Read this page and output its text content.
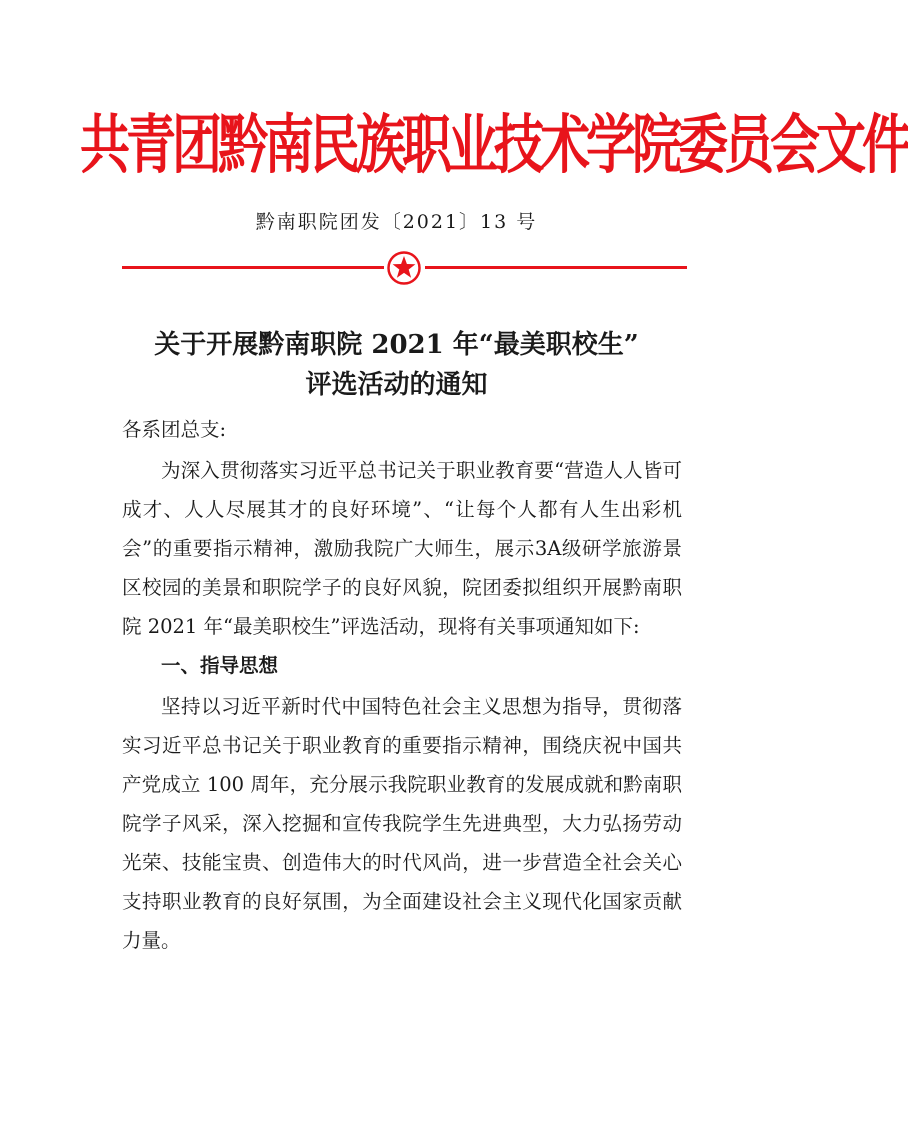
共青团黔南民族职业技术学院委员会文件
黔南职院团发〔2021〕13 号
关于开展黔南职院 2021 年“最美职校生”
评选活动的通知

各系团总支:

为深入贯彻落实习近平总书记关于职业教育要“营造人人皆可成才、人人尽展其才的良好环境”、“让每个人都有人生出彩机会”的重要指示精神，激励我院广大师生，展示3A级研学旅游景区校园的美景和职院学子的良好风貌，院团委拟组织开展黔南职院 2021 年“最美职校生”评选活动，现将有关事项通知如下:

一、指导思想

坚持以习近平新时代中国特色社会主义思想为指导，贯彻落实习近平总书记关于职业教育的重要指示精神，围绕庆祝中国共产党成立 100 周年，充分展示我院职业教育的发展成就和黔南职院学子风采，深入挖掘和宣传我院学生先进典型，大力弘扬劳动光荣、技能宝贵、创造伟大的时代风尚，进一步营造全社会关心支持职业教育的良好氛围，为全面建设社会主义现代化国家贡献力量。
